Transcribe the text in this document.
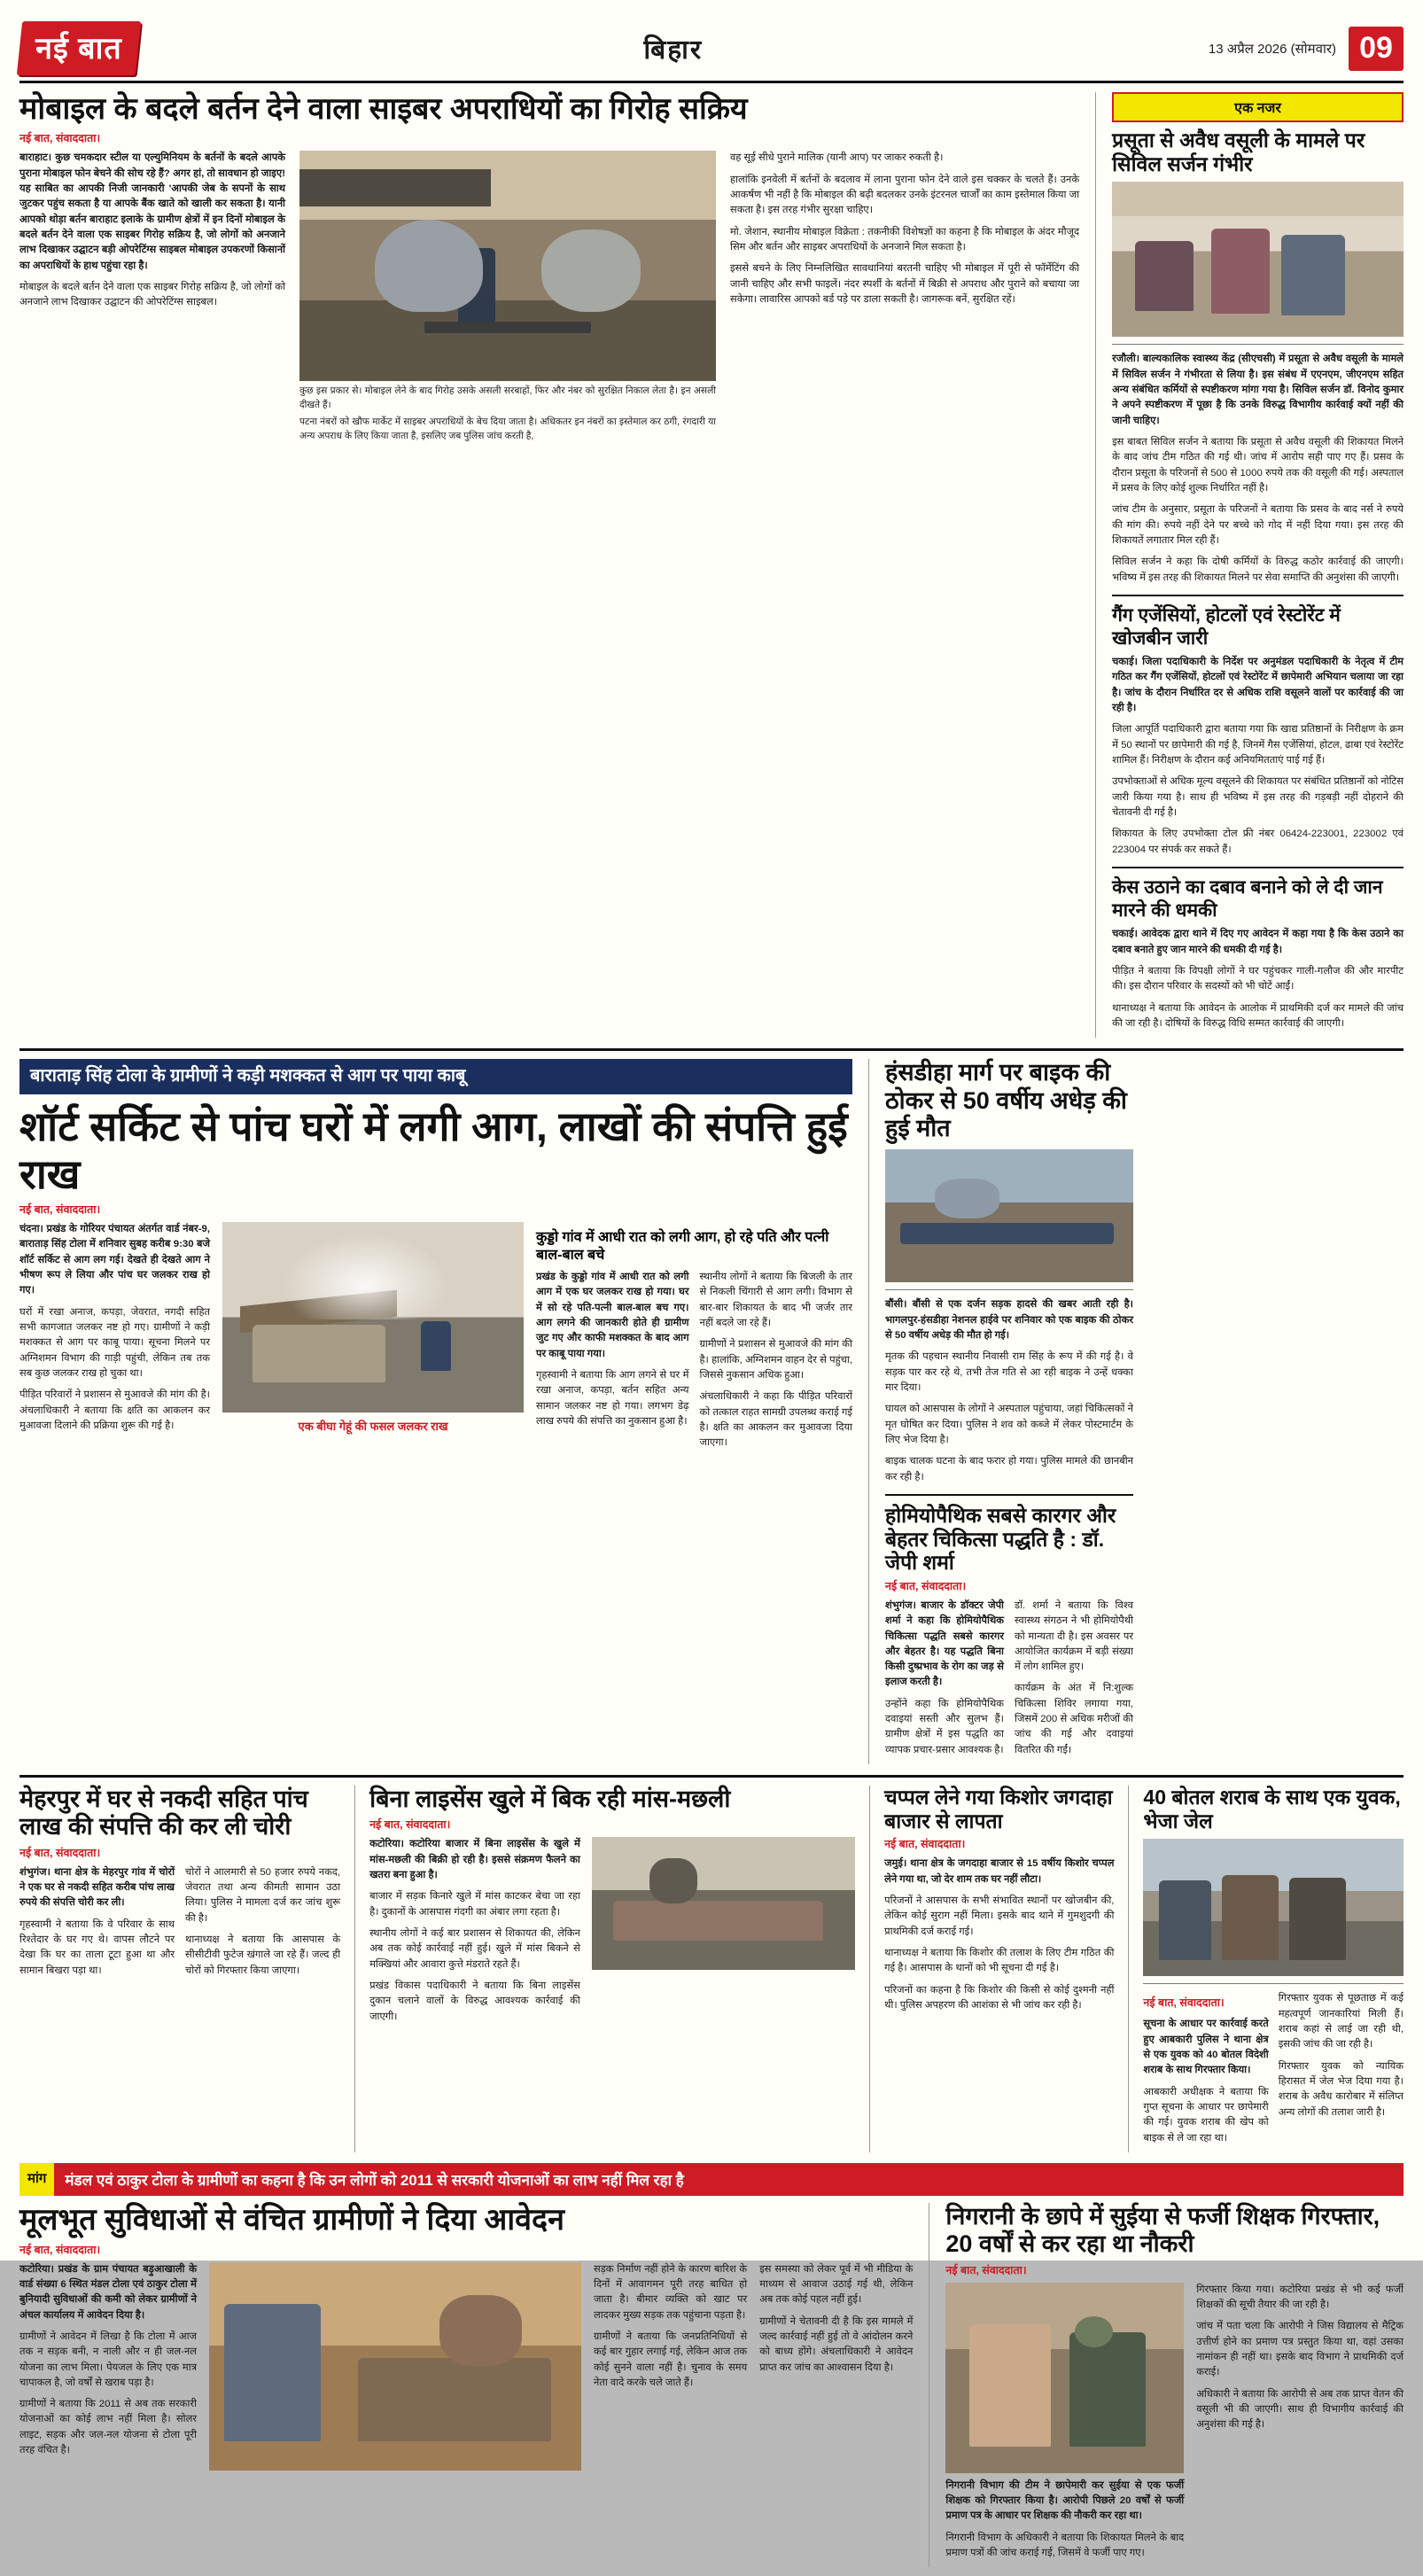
नई बात	बिहार	13 अप्रैल 2026 (सोमवार) 09
मोबाइल के बदले बर्तन देने वाला साइबर अपराधियों का गिरोह सक्रिय
नई बात, संवाददाता।

बाराहाट। कुछ चमकदार स्टील या एल्युमिनियम के बर्तनों के बदले आपके पुराना मोबाइल फोन बेचने की सोच रहे हैं? अगर हां, तो सावधान हो जाइए! यह साबित का आपकी निजी जानकारी 'आपकी जेब के सपनों के साथ जुटकर पहुंच सकता है या आपके बैंक खाते को खाली कर सकता है। यानी आपको थोड़ा बर्तन बाराहाट इलाके के ग्रामीण क्षेत्रों में इन दिनों मोबाइल के बदले बर्तन देने वाला एक साइबर गिरोह सक्रिय है, जो लोगों को अनजाने लाभ दिखाकर उद्घाटन बड़ी ओपरेटिंग्स साइबल मोबाइल उपकरणों किसानों का अपराधियों के हाथ पहुंचा रहा है।

मोबाइल के बदले बर्तन देने वाला एक साइबर गिरोह सक्रिय है, जो लोगों को अनजाने लाभ दिखाकर उद्घाटन की ओपरेटिंग्स साइबल।

कुछ इस प्रकार से। मोबाइल लेने के बाद गिरोह उसके असली सरबाहों, फिर और नंबर को सुरक्षित निकाल लेता है। इन असली दीखते हैं।
पटना नंबरों को खौफ मार्केट में साइबर अपराधियों के बेच दिया जाता है। अधिकतर इन नंबरों का इस्तेमाल कर ठगी, रंगदारी या अन्य अपराध के लिए किया जाता है, इसलिए जब पुलिस जांच करती है,

वह सूई सीधे पुराने मालिक (यानी आप) पर जाकर रुकती है।

हालांकि इनवेली में बर्तनों के बदलाव में लाना पुराना फोन देने वाले इस चक्कर के चलते हैं। उनके आकर्षण भी नहीं है कि मोबाइल की बढ़ी बदलकर उनके इंटरनल चार्जों का काम इस्तेमाल किया जा सकता है। इस तरह गंभीर सुरक्षा चाहिए।

मो. जेशान, स्थानीय मोबाइल विक्रेता : तकनीकी विशेषज्ञों का कहना है कि मोबाइल के अंदर मौजूद सिम और बर्तन और साइबर अपराधियों के अनजाने मिल सकता है।

इससे बचने के लिए निम्नलिखित सावधानियां बरतनी चाहिए भी मोबाइल में पूरी से फॉर्मेटिंग की जानी चाहिए और सभी फाइलें। नंदर स्पर्शी के बर्तनों में बिक्री से अपराध और पुराने को बचाया जा सकेगा। लावारिस आपको बर्ड पड़े पर डाला सकती है। जागरूक बनें, सुरक्षित रहें।

एक नजर
प्रसूता से अवैध वसूली के मामले पर सिविल सर्जन गंभीर

रजौली। बाल्यकालिक स्वास्थ्य केंद्र (सीएचसी) में प्रसूता से अवैध वसूली के मामले में सिविल सर्जन ने गंभीरता से लिया है। इस संबंध में एएनएम, जीएनएम सहित अन्य संबंधित कर्मियों से स्पष्टीकरण मांगा गया है। सिविल सर्जन डॉ. विनोद कुमार ने अपने स्पष्टीकरण में पूछा है कि उनके विरुद्ध विभागीय कार्रवाई क्यों नहीं की जानी चाहिए।

इस बाबत सिविल सर्जन ने बताया कि प्रसूता से अवैध वसूली की शिकायत मिलने के बाद जांच टीम गठित की गई थी। जांच में आरोप सही पाए गए हैं। प्रसव के दौरान प्रसूता के परिजनों से 500 से 1000 रुपये तक की वसूली की गई। अस्पताल में प्रसव के लिए कोई शुल्क निर्धारित नहीं है।

जांच टीम के अनुसार, प्रसूता के परिजनों ने बताया कि प्रसव के बाद नर्स ने रुपये की मांग की। रुपये नहीं देने पर बच्चे को गोद में नहीं दिया गया। इस तरह की शिकायतें लगातार मिल रही हैं।

सिविल सर्जन ने कहा कि दोषी कर्मियों के विरुद्ध कठोर कार्रवाई की जाएगी। भविष्य में इस तरह की शिकायत मिलने पर सेवा समाप्ति की अनुशंसा की जाएगी।

गैंग एजेंसियों, होटलों एवं रेस्टोरेंट में खोजबीन जारी

चकाई। जिला पदाधिकारी के निर्देश पर अनुमंडल पदाधिकारी के नेतृत्व में टीम गठित कर गैंग एजेंसियों, होटलों एवं रेस्टोरेंट में छापेमारी अभियान चलाया जा रहा है। जांच के दौरान निर्धारित दर से अधिक राशि वसूलने वालों पर कार्रवाई की जा रही है।

जिला आपूर्ति पदाधिकारी द्वारा बताया गया कि खाद्य प्रतिष्ठानों के निरीक्षण के क्रम में 50 स्थानों पर छापेमारी की गई है, जिनमें गैस एजेंसियां, होटल, ढाबा एवं रेस्टोरेंट शामिल हैं। निरीक्षण के दौरान कई अनियमितताएं पाई गई हैं।

उपभोक्ताओं से अधिक मूल्य वसूलने की शिकायत पर संबंधित प्रतिष्ठानों को नोटिस जारी किया गया है। साथ ही भविष्य में इस तरह की गड़बड़ी नहीं दोहराने की चेतावनी दी गई है।

शिकायत के लिए उपभोक्ता टोल फ्री नंबर 06424-223001, 223002 एवं 223004 पर संपर्क कर सकते हैं।

केस उठाने का दबाव बनाने को ले दी जान मारने की धमकी

चकाई। आवेदक द्वारा थाने में दिए गए आवेदन में कहा गया है कि केस उठाने का दबाव बनाते हुए जान मारने की धमकी दी गई है।

पीड़ित ने बताया कि विपक्षी लोगों ने घर पहुंचकर गाली-गलौज की और मारपीट की। इस दौरान परिवार के सदस्यों को भी चोटें आईं।

थानाध्यक्ष ने बताया कि आवेदन के आलोक में प्राथमिकी दर्ज कर मामले की जांच की जा रही है। दोषियों के विरुद्ध विधि सम्मत कार्रवाई की जाएगी।

बाराताड़ सिंह टोला के ग्रामीणों ने कड़ी मशक्कत से आग पर पाया काबू
शॉर्ट सर्किट से पांच घरों में लगी आग, लाखों की संपत्ति हुई राख
नई बात, संवाददाता।

चंदना। प्रखंड के गोरियर पंचायत अंतर्गत वार्ड नंबर-9, बाराताड़ सिंह टोला में शनिवार सुबह करीब 9:30 बजे शॉर्ट सर्किट से आग लग गई। देखते ही देखते आग ने भीषण रूप ले लिया और पांच घर जलकर राख हो गए।

घरों में रखा अनाज, कपड़ा, जेवरात, नगदी सहित सभी कागजात जलकर नष्ट हो गए। ग्रामीणों ने कड़ी मशक्कत से आग पर काबू पाया। सूचना मिलने पर अग्निशमन विभाग की गाड़ी पहुंची, लेकिन तब तक सब कुछ जलकर राख हो चुका था।

पीड़ित परिवारों ने प्रशासन से मुआवजे की मांग की है। अंचलाधिकारी ने बताया कि क्षति का आकलन कर मुआवजा दिलाने की प्रक्रिया शुरू की गई है।	एक बीघा गेहूं की फसल जलकर राख
कुड्डो गांव में आधी रात को लगी आग, हो रहे पति और पत्नी बाल-बाल बचे

प्रखंड के कुड्डो गांव में आधी रात को लगी आग में एक घर जलकर राख हो गया। घर में सो रहे पति-पत्नी बाल-बाल बच गए। आग लगने की जानकारी होते ही ग्रामीण जुट गए और काफी मशक्कत के बाद आग पर काबू पाया गया।

गृहस्वामी ने बताया कि आग लगने से घर में रखा अनाज, कपड़ा, बर्तन सहित अन्य सामान जलकर नष्ट हो गया। लगभग डेढ़ लाख रुपये की संपत्ति का नुकसान हुआ है।

स्थानीय लोगों ने बताया कि बिजली के तार से निकली चिंगारी से आग लगी। विभाग से बार-बार शिकायत के बाद भी जर्जर तार नहीं बदले जा रहे हैं।

ग्रामीणों ने प्रशासन से मुआवजे की मांग की है। हालांकि, अग्निशमन वाहन देर से पहुंचा, जिससे नुकसान अधिक हुआ।

अंचलाधिकारी ने कहा कि पीड़ित परिवारों को तत्काल राहत सामग्री उपलब्ध कराई गई है। क्षति का आकलन कर मुआवजा दिया जाएगा।

हंसडीहा मार्ग पर बाइक की ठोकर से 50 वर्षीय अधेड़ की हुई मौत

बौंसी। बौंसी से एक दर्जन सड़क हादसे की खबर आती रही है। भागलपुर-हंसडीहा नेशनल हाईवे पर शनिवार को एक बाइक की ठोकर से 50 वर्षीय अधेड़ की मौत हो गई।

मृतक की पहचान स्थानीय निवासी राम सिंह के रूप में की गई है। वे सड़क पार कर रहे थे, तभी तेज गति से आ रही बाइक ने उन्हें धक्का मार दिया।

घायल को आसपास के लोगों ने अस्पताल पहुंचाया, जहां चिकित्सकों ने मृत घोषित कर दिया। पुलिस ने शव को कब्जे में लेकर पोस्टमार्टम के लिए भेज दिया है।

बाइक चालक घटना के बाद फरार हो गया। पुलिस मामले की छानबीन कर रही है।

होमियोपैथिक सबसे कारगर और बेहतर चिकित्सा पद्धति है : डॉ. जेपी शर्मा
नई बात, संवाददाता।

शंभुगंज। बाजार के डॉक्टर जेपी शर्मा ने कहा कि होमियोपैथिक चिकित्सा पद्धति सबसे कारगर और बेहतर है। यह पद्धति बिना किसी दुष्प्रभाव के रोग का जड़ से इलाज करती है।

उन्होंने कहा कि होमियोपैथिक दवाइयां सस्ती और सुलभ हैं। ग्रामीण क्षेत्रों में इस पद्धति का व्यापक प्रचार-प्रसार आवश्यक है।

डॉ. शर्मा ने बताया कि विश्व स्वास्थ्य संगठन ने भी होमियोपैथी को मान्यता दी है। इस अवसर पर आयोजित कार्यक्रम में बड़ी संख्या में लोग शामिल हुए।

कार्यक्रम के अंत में नि:शुल्क चिकित्सा शिविर लगाया गया, जिसमें 200 से अधिक मरीजों की जांच की गई और दवाइयां वितरित की गईं।

मेहरपुर में घर से नकदी सहित पांच लाख की संपत्ति की कर ली चोरी
नई बात, संवाददाता।

शंभुगंज। थाना क्षेत्र के मेहरपुर गांव में चोरों ने एक घर से नकदी सहित करीब पांच लाख रुपये की संपत्ति चोरी कर ली।

गृहस्वामी ने बताया कि वे परिवार के साथ रिश्तेदार के घर गए थे। वापस लौटने पर देखा कि घर का ताला टूटा हुआ था और सामान बिखरा पड़ा था।

चोरों ने आलमारी से 50 हजार रुपये नकद, जेवरात तथा अन्य कीमती सामान उठा लिया। पुलिस ने मामला दर्ज कर जांच शुरू की है।

थानाध्यक्ष ने बताया कि आसपास के सीसीटीवी फुटेज खंगाले जा रहे हैं। जल्द ही चोरों को गिरफ्तार किया जाएगा।

बिना लाइसेंस खुले में बिक रही मांस-मछली
नई बात, संवाददाता।

कटोरिया। कटोरिया बाजार में बिना लाइसेंस के खुले में मांस-मछली की बिक्री हो रही है। इससे संक्रमण फैलने का खतरा बना हुआ है।

बाजार में सड़क किनारे खुले में मांस काटकर बेचा जा रहा है। दुकानों के आसपास गंदगी का अंबार लगा रहता है।

स्थानीय लोगों ने कई बार प्रशासन से शिकायत की, लेकिन अब तक कोई कार्रवाई नहीं हुई। खुले में मांस बिकने से मक्खियां और आवारा कुत्ते मंडराते रहते हैं।

प्रखंड विकास पदाधिकारी ने बताया कि बिना लाइसेंस दुकान चलाने वालों के विरुद्ध आवश्यक कार्रवाई की जाएगी।

चप्पल लेने गया किशोर जगदाहा बाजार से लापता
नई बात, संवाददाता।

जमुई। थाना क्षेत्र के जगदाहा बाजार से 15 वर्षीय किशोर चप्पल लेने गया था, जो देर शाम तक घर नहीं लौटा।

परिजनों ने आसपास के सभी संभावित स्थानों पर खोजबीन की, लेकिन कोई सुराग नहीं मिला। इसके बाद थाने में गुमशुदगी की प्राथमिकी दर्ज कराई गई।

थानाध्यक्ष ने बताया कि किशोर की तलाश के लिए टीम गठित की गई है। आसपास के थानों को भी सूचना दी गई है।

परिजनों का कहना है कि किशोर की किसी से कोई दुश्मनी नहीं थी। पुलिस अपहरण की आशंका से भी जांच कर रही है।

40 बोतल शराब के साथ एक युवक, भेजा जेल
नई बात, संवाददाता।

सूचना के आधार पर कार्रवाई करते हुए आबकारी पुलिस ने थाना क्षेत्र से एक युवक को 40 बोतल विदेशी शराब के साथ गिरफ्तार किया।

आबकारी अधीक्षक ने बताया कि गुप्त सूचना के आधार पर छापेमारी की गई। युवक शराब की खेप को बाइक से ले जा रहा था।

गिरफ्तार युवक से पूछताछ में कई महत्वपूर्ण जानकारियां मिली हैं। शराब कहां से लाई जा रही थी, इसकी जांच की जा रही है।

गिरफ्तार युवक को न्यायिक हिरासत में जेल भेज दिया गया है। शराब के अवैध कारोबार में संलिप्त अन्य लोगों की तलाश जारी है।

मांग	मंडल एवं ठाकुर टोला के ग्रामीणों का कहना है कि उन लोगों को 2011 से सरकारी योजनाओं का लाभ नहीं मिल रहा है
मूलभूत सुविधाओं से वंचित ग्रामीणों ने दिया आवेदन
नई बात, संवाददाता।

कटोरिया। प्रखंड के ग्राम पंचायत बड़ुआखाली के वार्ड संख्या 6 स्थित मंडल टोला एवं ठाकुर टोला में बुनियादी सुविधाओं की कमी को लेकर ग्रामीणों ने अंचल कार्यालय में आवेदन दिया है।

ग्रामीणों ने आवेदन में लिखा है कि टोला में आज तक न सड़क बनी, न नाली और न ही जल-नल योजना का लाभ मिला। पेयजल के लिए एक मात्र चापाकल है, जो वर्षों से खराब पड़ा है।

ग्रामीणों ने बताया कि 2011 से अब तक सरकारी योजनाओं का कोई लाभ नहीं मिला है। सोलर लाइट, सड़क और जल-नल योजना से टोला पूरी तरह वंचित है।

सड़क निर्माण नहीं होने के कारण बारिश के दिनों में आवागमन पूरी तरह बाधित हो जाता है। बीमार व्यक्ति को खाट पर लादकर मुख्य सड़क तक पहुंचाना पड़ता है।

ग्रामीणों ने बताया कि जनप्रतिनिधियों से कई बार गुहार लगाई गई, लेकिन आज तक कोई सुनने वाला नहीं है। चुनाव के समय नेता वादे करके चले जाते हैं।

इस समस्या को लेकर पूर्व में भी मीडिया के माध्यम से आवाज उठाई गई थी, लेकिन अब तक कोई पहल नहीं हुई।

ग्रामीणों ने चेतावनी दी है कि इस मामले में जल्द कार्रवाई नहीं हुई तो वे आंदोलन करने को बाध्य होंगे। अंचलाधिकारी ने आवेदन प्राप्त कर जांच का आश्वासन दिया है।

निगरानी के छापे में सुईया से फर्जी शिक्षक गिरफ्तार, 20 वर्षों से कर रहा था नौकरी
नई बात, संवाददाता।

निगरानी विभाग की टीम ने छापेमारी कर सुईया से एक फर्जी शिक्षक को गिरफ्तार किया है। आरोपी पिछले 20 वर्षों से फर्जी प्रमाण पत्र के आधार पर शिक्षक की नौकरी कर रहा था।

निगरानी विभाग के अधिकारी ने बताया कि शिकायत मिलने के बाद प्रमाण पत्रों की जांच कराई गई, जिसमें वे फर्जी पाए गए।

गिरफ्तार किया गया। कटोरिया प्रखंड से भी कई फर्जी शिक्षकों की सूची तैयार की जा रही है।

जांच में पता चला कि आरोपी ने जिस विद्यालय से मैट्रिक उत्तीर्ण होने का प्रमाण पत्र प्रस्तुत किया था, वहां उसका नामांकन ही नहीं था। इसके बाद विभाग ने प्राथमिकी दर्ज कराई।

अधिकारी ने बताया कि आरोपी से अब तक प्राप्त वेतन की वसूली भी की जाएगी। साथ ही विभागीय कार्रवाई की अनुशंसा की गई है।
